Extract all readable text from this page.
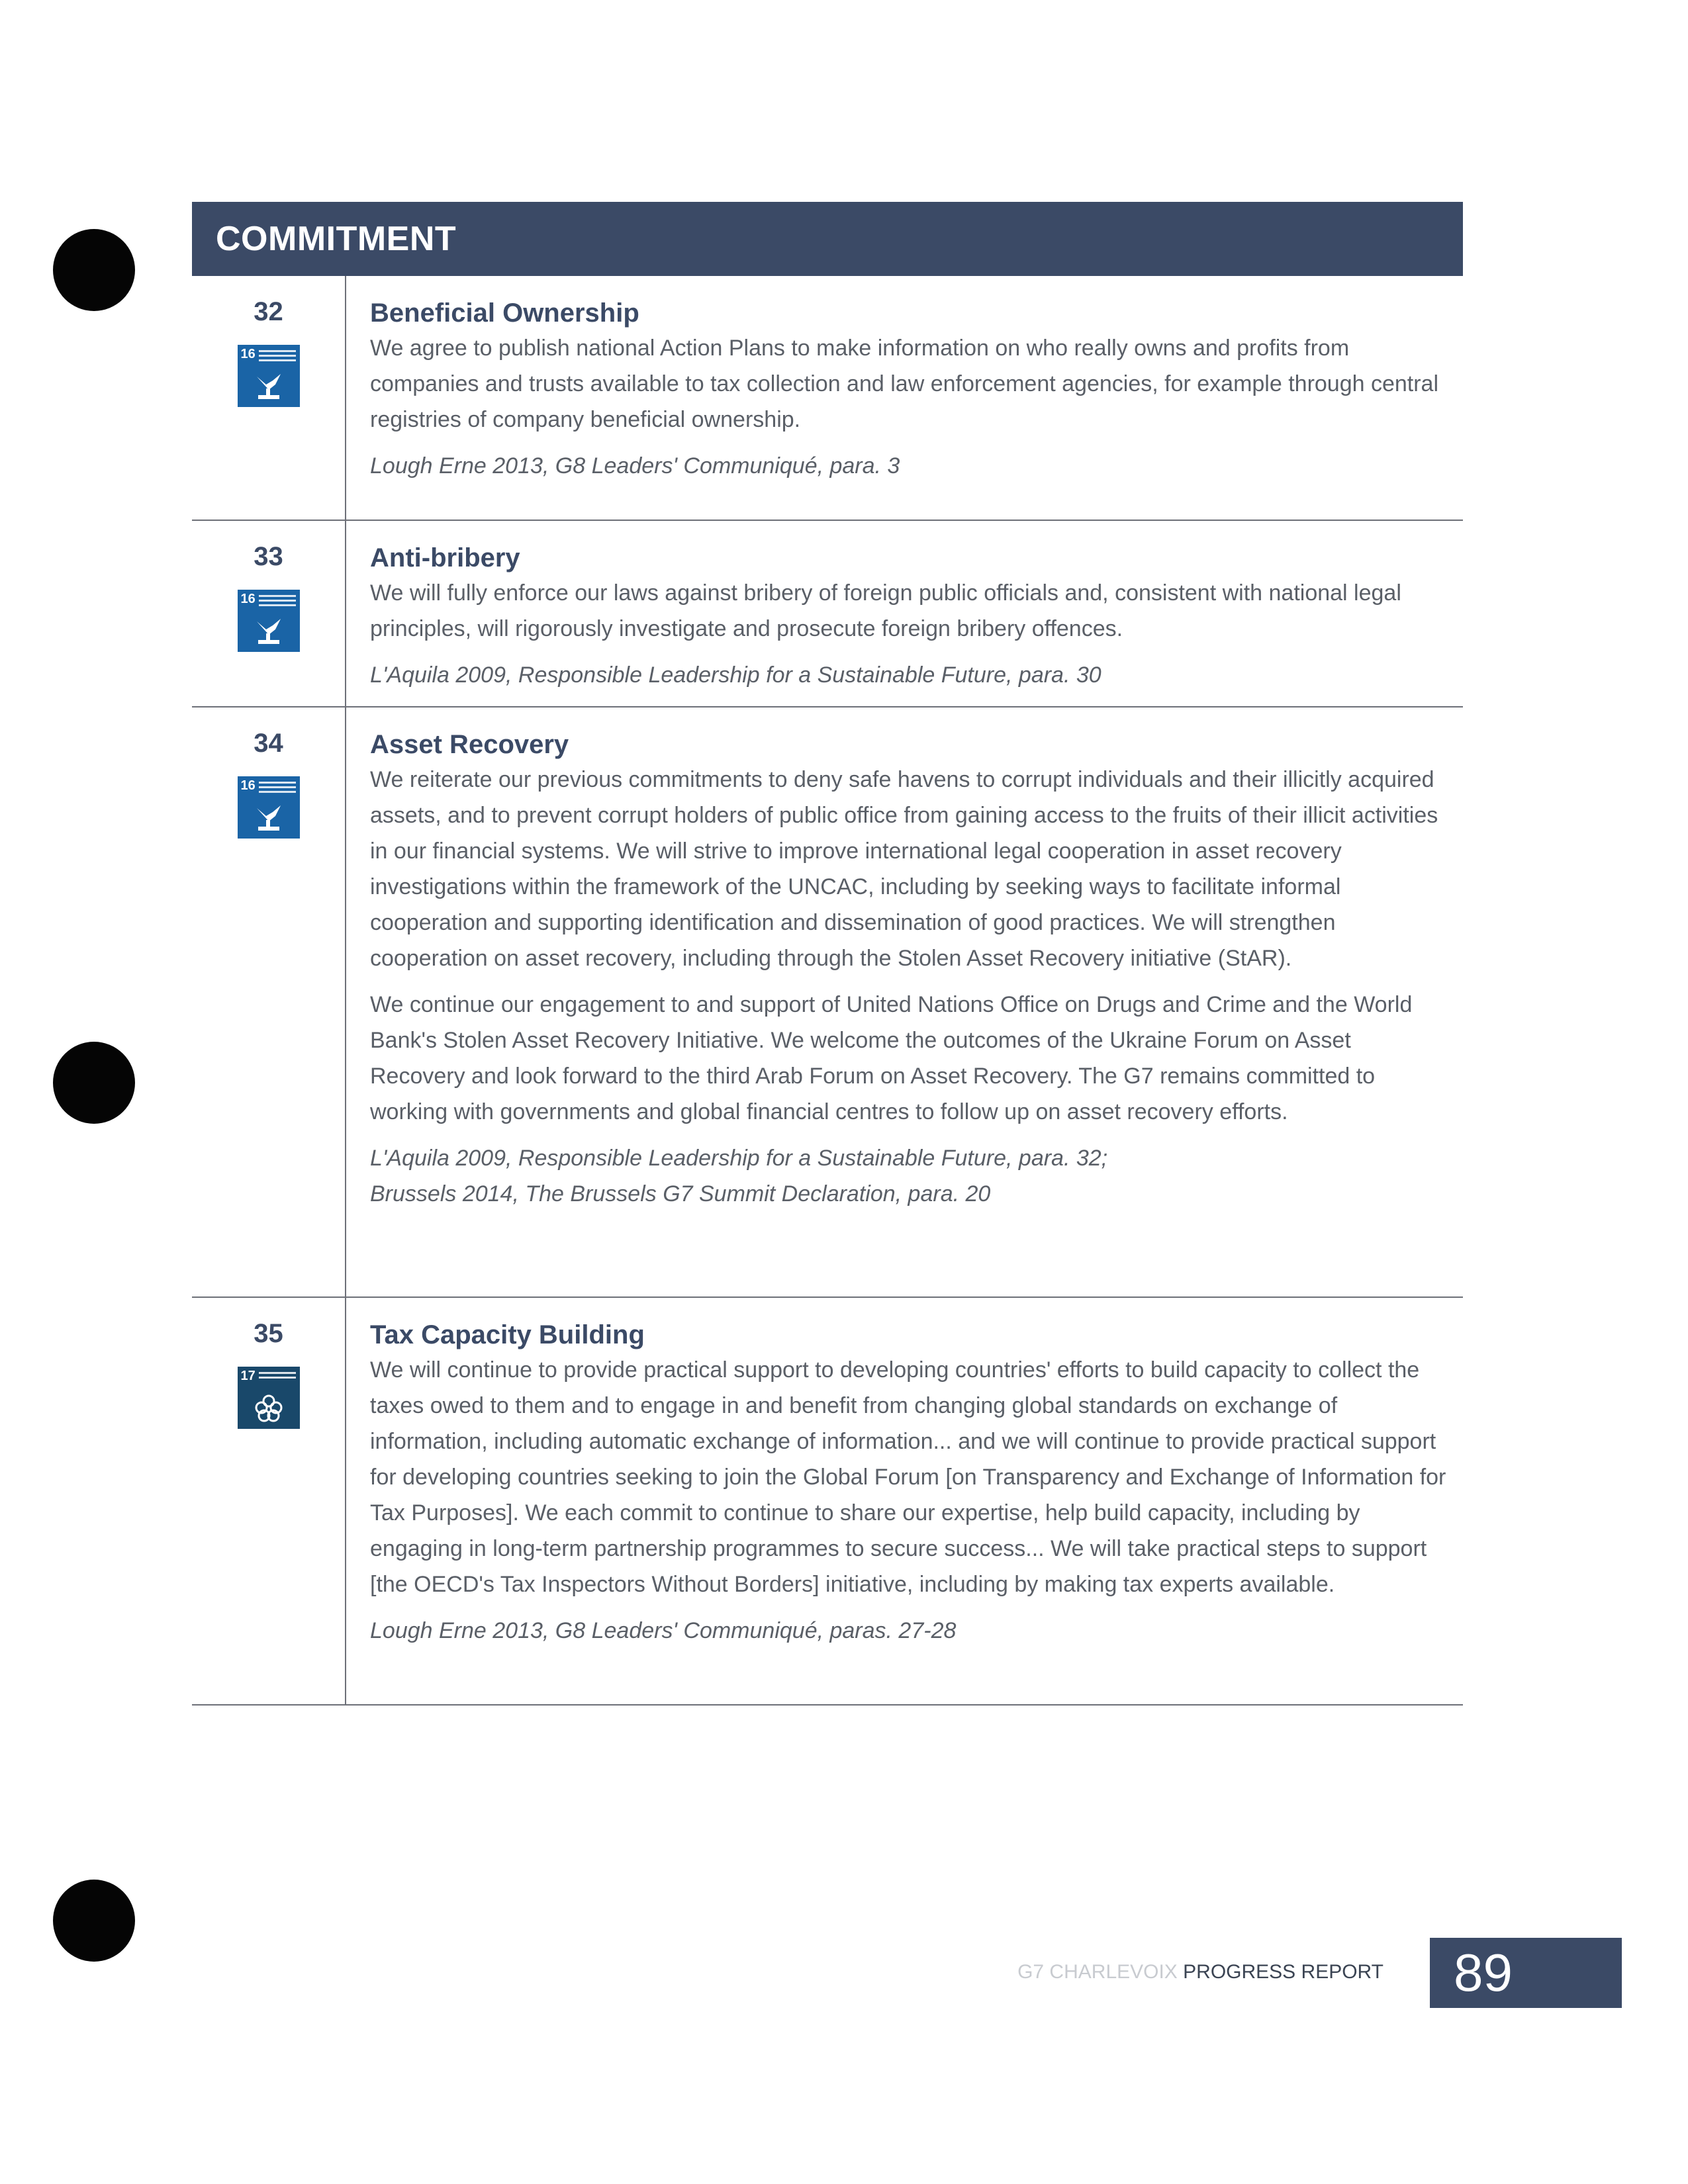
COMMITMENT
32
16
Beneficial Ownership

We agree to publish national Action Plans to make information on who really owns and profits from companies and trusts available to tax collection and law enforcement agencies, for example through central registries of company beneficial ownership.

Lough Erne 2013, G8 Leaders' Communiqué, para. 3
33
16
Anti-bribery

We will fully enforce our laws against bribery of foreign public officials and, consistent with national legal principles, will rigorously investigate and prosecute foreign bribery offences.

L'Aquila 2009, Responsible Leadership for a Sustainable Future, para. 30
34
16
Asset Recovery

We reiterate our previous commitments to deny safe havens to corrupt individuals and their illicitly acquired assets, and to prevent corrupt holders of public office from gaining access to the fruits of their illicit activities in our financial systems. We will strive to improve international legal cooperation in asset recovery investigations within the framework of the UNCAC, including by seeking ways to facilitate informal cooperation and supporting identification and dissemination of good practices. We will strengthen cooperation on asset recovery, including through the Stolen Asset Recovery initiative (StAR).

We continue our engagement to and support of United Nations Office on Drugs and Crime and the World Bank's Stolen Asset Recovery Initiative. We welcome the outcomes of the Ukraine Forum on Asset Recovery and look forward to the third Arab Forum on Asset Recovery. The G7 remains committed to working with governments and global financial centres to follow up on asset recovery efforts.

L'Aquila 2009, Responsible Leadership for a Sustainable Future, para. 32;
Brussels 2014, The Brussels G7 Summit Declaration, para. 20
35
17
Tax Capacity Building

We will continue to provide practical support to developing countries' efforts to build capacity to collect the taxes owed to them and to engage in and benefit from changing global standards on exchange of information, including automatic exchange of information... and we will continue to provide practical support for developing countries seeking to join the Global Forum [on Transparency and Exchange of Information for Tax Purposes]. We each commit to continue to share our expertise, help build capacity, including by engaging in long-term partnership programmes to secure success... We will take practical steps to support [the OECD's Tax Inspectors Without Borders] initiative, including by making tax experts available.

Lough Erne 2013, G8 Leaders' Communiqué, paras. 27-28
G7 CHARLEVOIX PROGRESS REPORT 89
